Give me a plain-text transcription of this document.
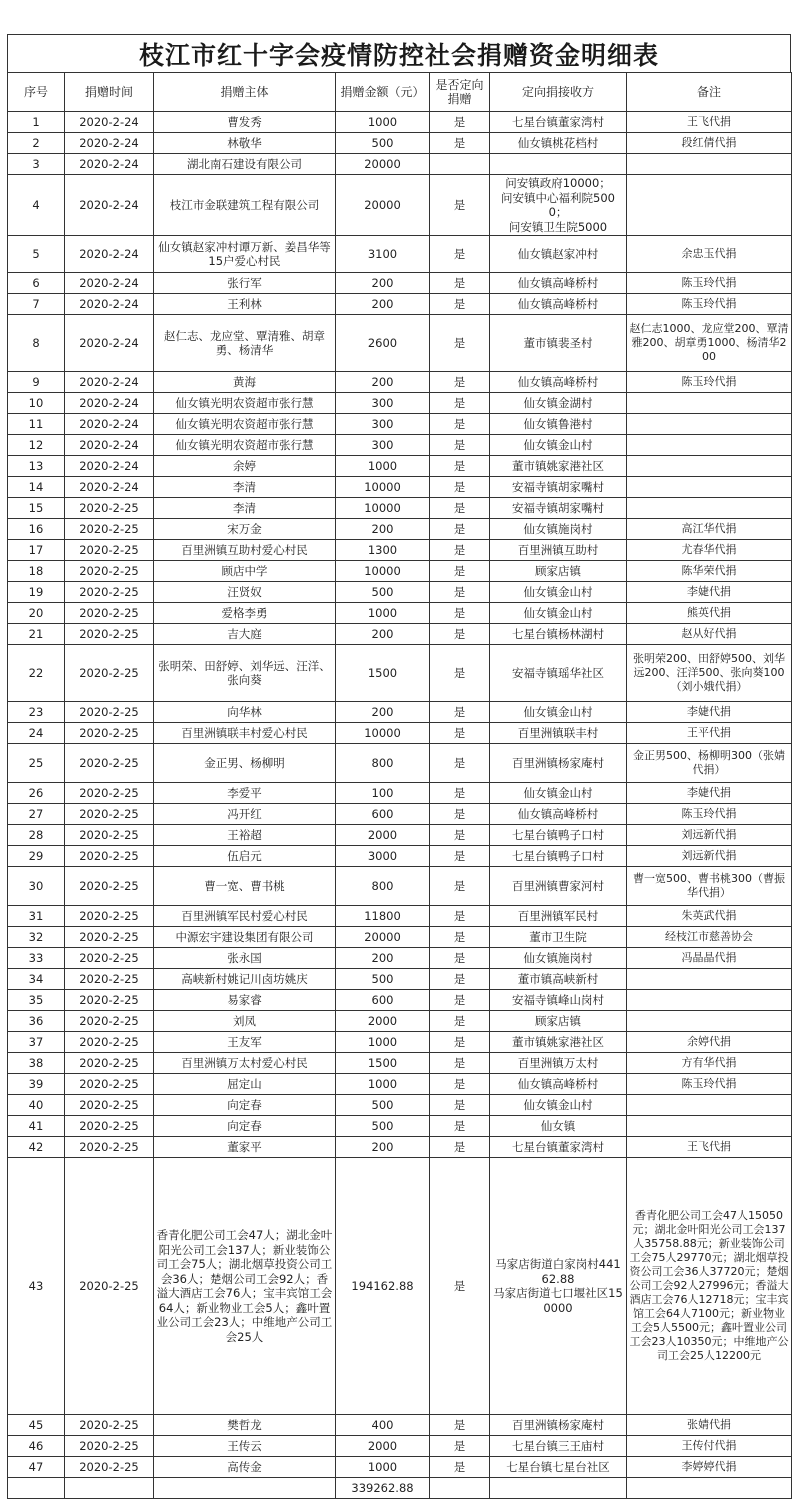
枝江市红十字会疫情防控社会捐赠资金明细表
序号	捐赠时间	捐赠主体	捐赠金额（元）	是否定向捐赠	定向捐接收方	备注
1	2020-2-24	曹发秀	1000	是	七星台镇董家湾村	王飞代捐
2	2020-2-24	林敬华	500	是	仙女镇桃花档村	段红倩代捐
3	2020-2-24	湖北南石建设有限公司	20000			
4	2020-2-24	枝江市金联建筑工程有限公司	20000	是	问安镇政府10000；
问安镇中心福利院5000；
问安镇卫生院5000	
5	2020-2-24	仙女镇赵家冲村谭万新、姜昌华等15户爱心村民	3100	是	仙女镇赵家冲村	余忠玉代捐
6	2020-2-24	张行军	200	是	仙女镇高峰桥村	陈玉玲代捐
7	2020-2-24	王利林	200	是	仙女镇高峰桥村	陈玉玲代捐
8	2020-2-24	赵仁志、龙应堂、覃清雅、胡章勇、杨清华	2600	是	董市镇裴圣村	赵仁志1000、龙应堂200、覃清雅200、胡章勇1000、杨清华200
9	2020-2-24	黄海	200	是	仙女镇高峰桥村	陈玉玲代捐
10	2020-2-24	仙女镇光明农资超市张行慧	300	是	仙女镇金湖村	
11	2020-2-24	仙女镇光明农资超市张行慧	300	是	仙女镇鲁港村	
12	2020-2-24	仙女镇光明农资超市张行慧	300	是	仙女镇金山村	
13	2020-2-24	余婷	1000	是	董市镇姚家港社区	
14	2020-2-24	李清	10000	是	安福寺镇胡家嘴村	
15	2020-2-25	李清	10000	是	安福寺镇胡家嘴村	
16	2020-2-25	宋万金	200	是	仙女镇施岗村	高江华代捐
17	2020-2-25	百里洲镇互助村爱心村民	1300	是	百里洲镇互助村	尤春华代捐
18	2020-2-25	顾店中学	10000	是	顾家店镇	陈华荣代捐
19	2020-2-25	汪贤奴	500	是	仙女镇金山村	李婕代捐
20	2020-2-25	爱格李勇	1000	是	仙女镇金山村	熊英代捐
21	2020-2-25	吉大庭	200	是	七星台镇杨林湖村	赵从好代捐
22	2020-2-25	张明荣、田舒婷、刘华远、汪洋、张向葵	1500	是	安福寺镇瑶华社区	张明荣200、田舒婷500、刘华远200、汪洋500、张向葵100（刘小娥代捐）
23	2020-2-25	向华林	200	是	仙女镇金山村	李婕代捐
24	2020-2-25	百里洲镇联丰村爱心村民	10000	是	百里洲镇联丰村	王平代捐
25	2020-2-25	金正男、杨柳明	800	是	百里洲镇杨家庵村	金正男500、杨柳明300（张婧代捐）
26	2020-2-25	李爱平	100	是	仙女镇金山村	李婕代捐
27	2020-2-25	冯开红	600	是	仙女镇高峰桥村	陈玉玲代捐
28	2020-2-25	王裕超	2000	是	七星台镇鸭子口村	刘远新代捐
29	2020-2-25	伍启元	3000	是	七星台镇鸭子口村	刘远新代捐
30	2020-2-25	曹一宽、曹书桃	800	是	百里洲镇曹家河村	曹一宽500、曹书桃300（曹振华代捐）
31	2020-2-25	百里洲镇军民村爱心村民	11800	是	百里洲镇军民村	朱英武代捐
32	2020-2-25	中源宏宇建设集团有限公司	20000	是	董市卫生院	经枝江市慈善协会
33	2020-2-25	张永国	200	是	仙女镇施岗村	冯晶晶代捐
34	2020-2-25	高峡新村姚记川卤坊姚庆	500	是	董市镇高峡新村	
35	2020-2-25	易家睿	600	是	安福寺镇峰山岗村	
36	2020-2-25	刘凤	2000	是	顾家店镇	
37	2020-2-25	王友军	1000	是	董市镇姚家港社区	余婷代捐
38	2020-2-25	百里洲镇万太村爱心村民	1500	是	百里洲镇万太村	方有华代捐
39	2020-2-25	屈定山	1000	是	仙女镇高峰桥村	陈玉玲代捐
40	2020-2-25	向定春	500	是	仙女镇金山村	
41	2020-2-25	向定春	500	是	仙女镇	
42	2020-2-25	董家平	200	是	七星台镇董家湾村	王飞代捐
43	2020-2-25	香青化肥公司工会47人；湖北金叶阳光公司工会137人；新业装饰公司工会75人；湖北烟草投资公司工会36人；楚烟公司工会92人；香溢大酒店工会76人；宝丰宾馆工会64人；新业物业工会5人；鑫叶置业公司工会23人；中维地产公司工会25人	194162.88	是	马家店街道白家岗村44162.88
马家店街道七口堰社区150000	香青化肥公司工会47人15050元；湖北金叶阳光公司工会137人35758.88元；新业装饰公司工会75人29770元；湖北烟草投资公司工会36人37720元；楚烟公司工会92人27996元；香溢大酒店工会76人12718元；宝丰宾馆工会64人7100元；新业物业工会5人5500元；鑫叶置业公司工会23人10350元；中维地产公司工会25人12200元
45	2020-2-25	樊哲龙	400	是	百里洲镇杨家庵村	张婧代捐
46	2020-2-25	王传云	2000	是	七星台镇三王庙村	王传付代捐
47	2020-2-25	高传金	1000	是	七星台镇七星台社区	李婷婷代捐
			339262.88			
